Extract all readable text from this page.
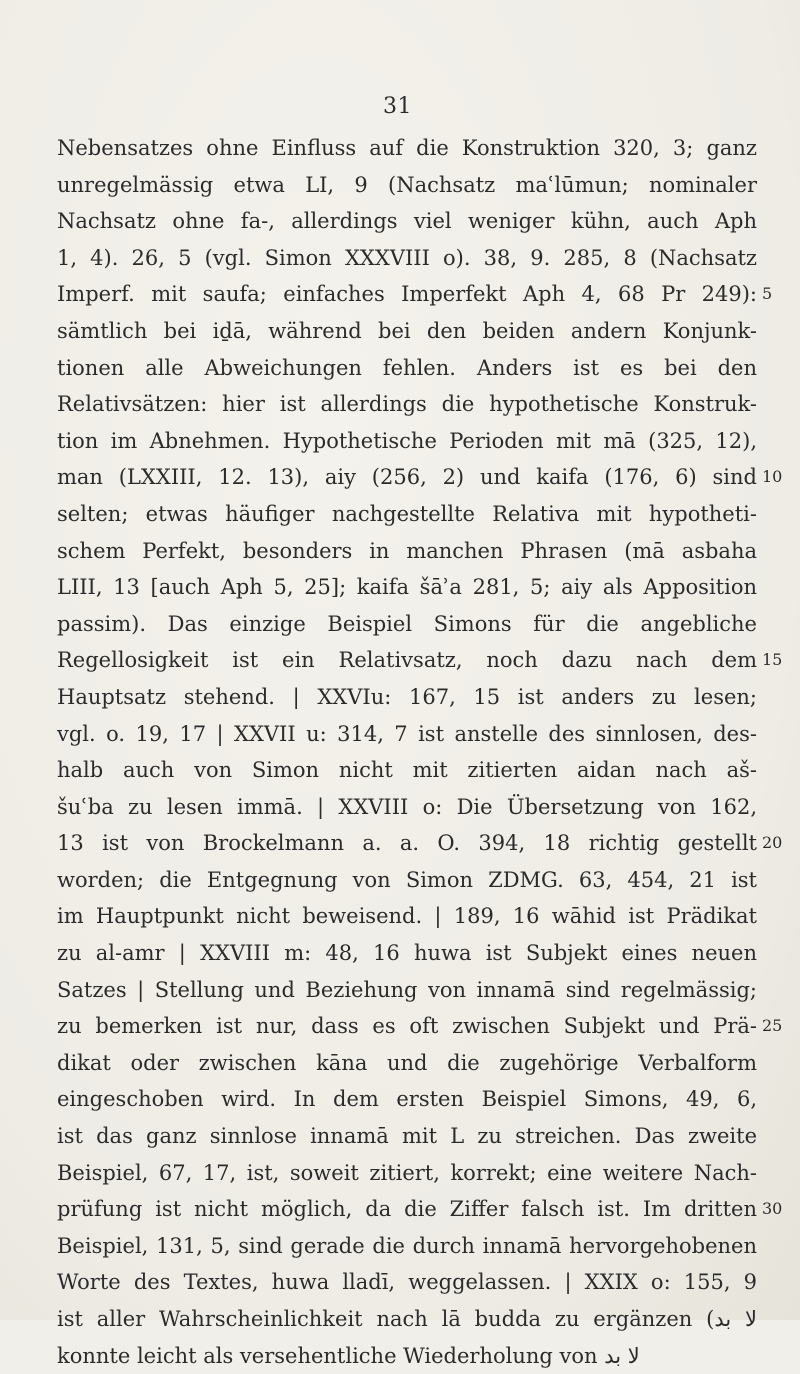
31
Nebensatzes ohne Einfluss auf die Konstruktion 320, 3; ganz
unregelmässig etwa LI, 9 (Nachsatz maʿlūmun; nominaler
Nachsatz ohne fa-, allerdings viel weniger kühn, auch Aph
1, 4). 26, 5 (vgl. Simon XXXVIII o). 38, 9. 285, 8 (Nachsatz
Imperf. mit saufa; einfaches Imperfekt Aph 4, 68 Pr 249): 5
sämtlich bei iḏā, während bei den beiden andern Konjunk-
tionen alle Abweichungen fehlen. Anders ist es bei den
Relativsätzen: hier ist allerdings die hypothetische Konstruk-
tion im Abnehmen. Hypothetische Perioden mit mā (325, 12),
man (LXXIII, 12. 13), aiy (256, 2) und kaifa (176, 6) sind 10
selten; etwas häufiger nachgestellte Relativa mit hypotheti-
schem Perfekt, besonders in manchen Phrasen (mā asbaha
LIII, 13 [auch Aph 5, 25]; kaifa šāʾa 281, 5; aiy als Apposition
passim). Das einzige Beispiel Simons für die angebliche
Regellosigkeit ist ein Relativsatz, noch dazu nach dem 15
Hauptsatz stehend. | XXVIu: 167, 15 ist anders zu lesen;
vgl. o. 19, 17 | XXVII u: 314, 7 ist anstelle des sinnlosen, des-
halb auch von Simon nicht mit zitierten aidan nach aš-
šuʿba zu lesen immā. | XXVIII o: Die Übersetzung von 162,
13 ist von Brockelmann a. a. O. 394, 18 richtig gestellt 20
worden; die Entgegnung von Simon ZDMG. 63, 454, 21 ist
im Hauptpunkt nicht beweisend. | 189, 16 wāhid ist Prädikat
zu al-amr | XXVIII m: 48, 16 huwa ist Subjekt eines neuen
Satzes | Stellung und Beziehung von innamā sind regelmässig;
zu bemerken ist nur, dass es oft zwischen Subjekt und Prä- 25
dikat oder zwischen kāna und die zugehörige Verbalform
eingeschoben wird. In dem ersten Beispiel Simons, 49, 6,
ist das ganz sinnlose innamā mit L zu streichen. Das zweite
Beispiel, 67, 17, ist, soweit zitiert, korrekt; eine weitere Nach-
prüfung ist nicht möglich, da die Ziffer falsch ist. Im dritten 30
Beispiel, 131, 5, sind gerade die durch innamā hervorgehobenen
Worte des Textes, huwa lladī, weggelassen. | XXIX o: 155, 9
ist aller Wahrscheinlichkeit nach lā budda zu ergänzen (لا بد
konnte leicht als versehentliche Wiederholung von لا بد
